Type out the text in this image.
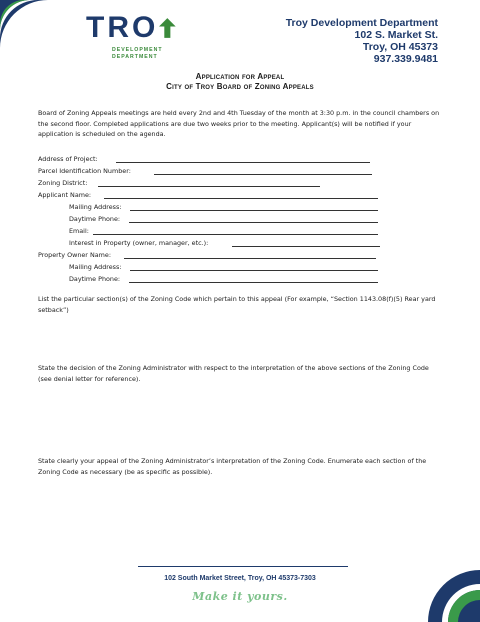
TRO
DEVELOPMENT
DEPARTMENT
Troy Development Department
102 S. Market St.
Troy, OH 45373
937.339.9481
Application for Appeal
City of Troy Board of Zoning Appeals
Board of Zoning Appeals meetings are held every 2nd and 4th Tuesday of the month at 3:30 p.m. in the council chambers on the second floor. Completed applications are due two weeks prior to the meeting. Applicant(s) will be notified if your application is scheduled on the agenda.
Address of Project:
Parcel Identification Number:
Zoning District:
Applicant Name:
Mailing Address:
Daytime Phone:
Email:
Interest in Property (owner, manager, etc.):
Property Owner Name:
Mailing Address:
Daytime Phone:
List the particular section(s) of the Zoning Code which pertain to this appeal (For example, “Section 1143.08(f)(5) Rear yard setback”)
State the decision of the Zoning Administrator with respect to the interpretation of the above sections of the Zoning Code (see denial letter for reference).
State clearly your appeal of the Zoning Administrator’s interpretation of the Zoning Code. Enumerate each section of the Zoning Code as necessary (be as specific as possible).
102 South Market Street, Troy, OH 45373-7303
Make it yours.
